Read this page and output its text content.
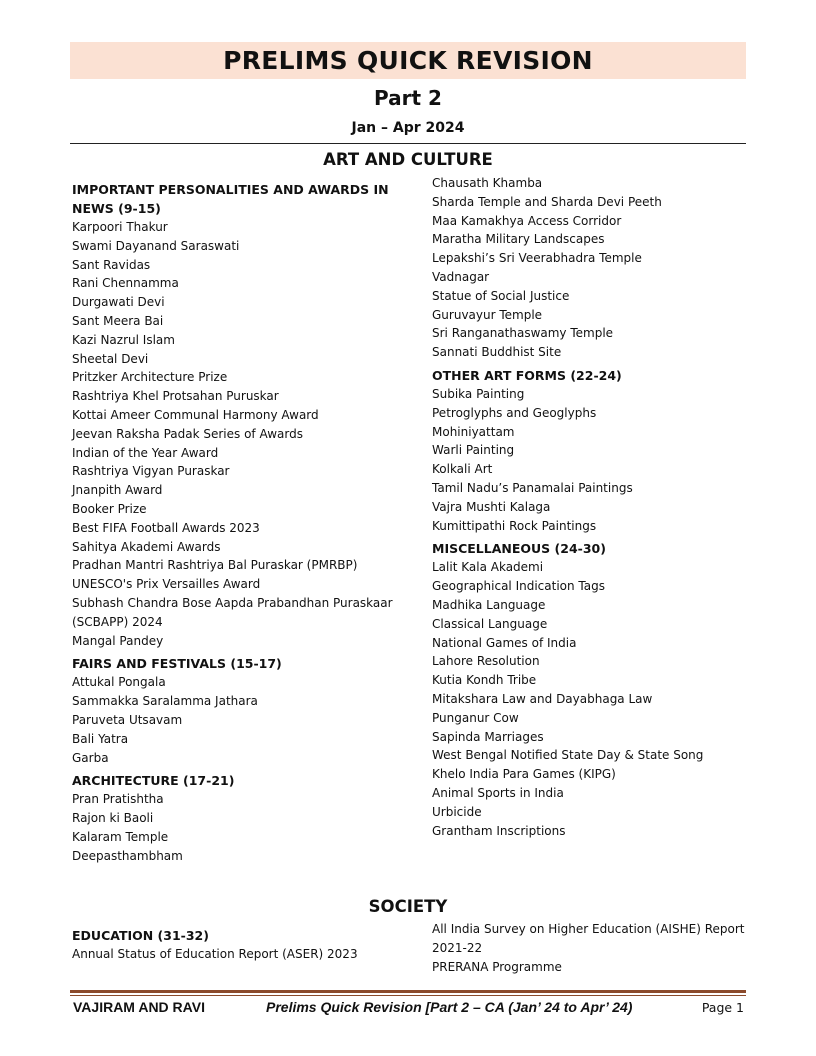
PRELIMS QUICK REVISION
Part 2
Jan – Apr 2024
ART AND CULTURE
IMPORTANT PERSONALITIES AND AWARDS IN NEWS (9-15)
Karpoori Thakur
Swami Dayanand Saraswati
Sant Ravidas
Rani Chennamma
Durgawati Devi
Sant Meera Bai
Kazi Nazrul Islam
Sheetal Devi
Pritzker Architecture Prize
Rashtriya Khel Protsahan Puruskar
Kottai Ameer Communal Harmony Award
Jeevan Raksha Padak Series of Awards
Indian of the Year Award
Rashtriya Vigyan Puraskar
Jnanpith Award
Booker Prize
Best FIFA Football Awards 2023
Sahitya Akademi Awards
Pradhan Mantri Rashtriya Bal Puraskar (PMRBP)
UNESCO's Prix Versailles Award
Subhash Chandra Bose Aapda Prabandhan Puraskaar (SCBAPP) 2024
Mangal Pandey
FAIRS AND FESTIVALS (15-17)
Attukal Pongala
Sammakka Saralamma Jathara
Paruveta Utsavam
Bali Yatra
Garba
ARCHITECTURE (17-21)
Pran Pratishtha
Rajon ki Baoli
Kalaram Temple
Deepasthambham
Chausath Khamba
Sharda Temple and Sharda Devi Peeth
Maa Kamakhya Access Corridor
Maratha Military Landscapes
Lepakshi’s Sri Veerabhadra Temple
Vadnagar
Statue of Social Justice
Guruvayur Temple
Sri Ranganathaswamy Temple
Sannati Buddhist Site
OTHER ART FORMS (22-24)
Subika Painting
Petroglyphs and Geoglyphs
Mohiniyattam
Warli Painting
Kolkali Art
Tamil Nadu’s Panamalai Paintings
Vajra Mushti Kalaga
Kumittipathi Rock Paintings
MISCELLANEOUS (24-30)
Lalit Kala Akademi
Geographical Indication Tags
Madhika Language
Classical Language
National Games of India
Lahore Resolution
Kutia Kondh Tribe
Mitakshara Law and Dayabhaga Law
Punganur Cow
Sapinda Marriages
West Bengal Notified State Day & State Song
Khelo India Para Games (KIPG)
Animal Sports in India
Urbicide
Grantham Inscriptions
SOCIETY
EDUCATION (31-32)
Annual Status of Education Report (ASER) 2023
All India Survey on Higher Education (AISHE) Report 2021-22
PRERANA Programme
VAJIRAM AND RAVI	Prelims Quick Revision [Part 2 – CA (Jan’ 24 to Apr’ 24)	Page 1
